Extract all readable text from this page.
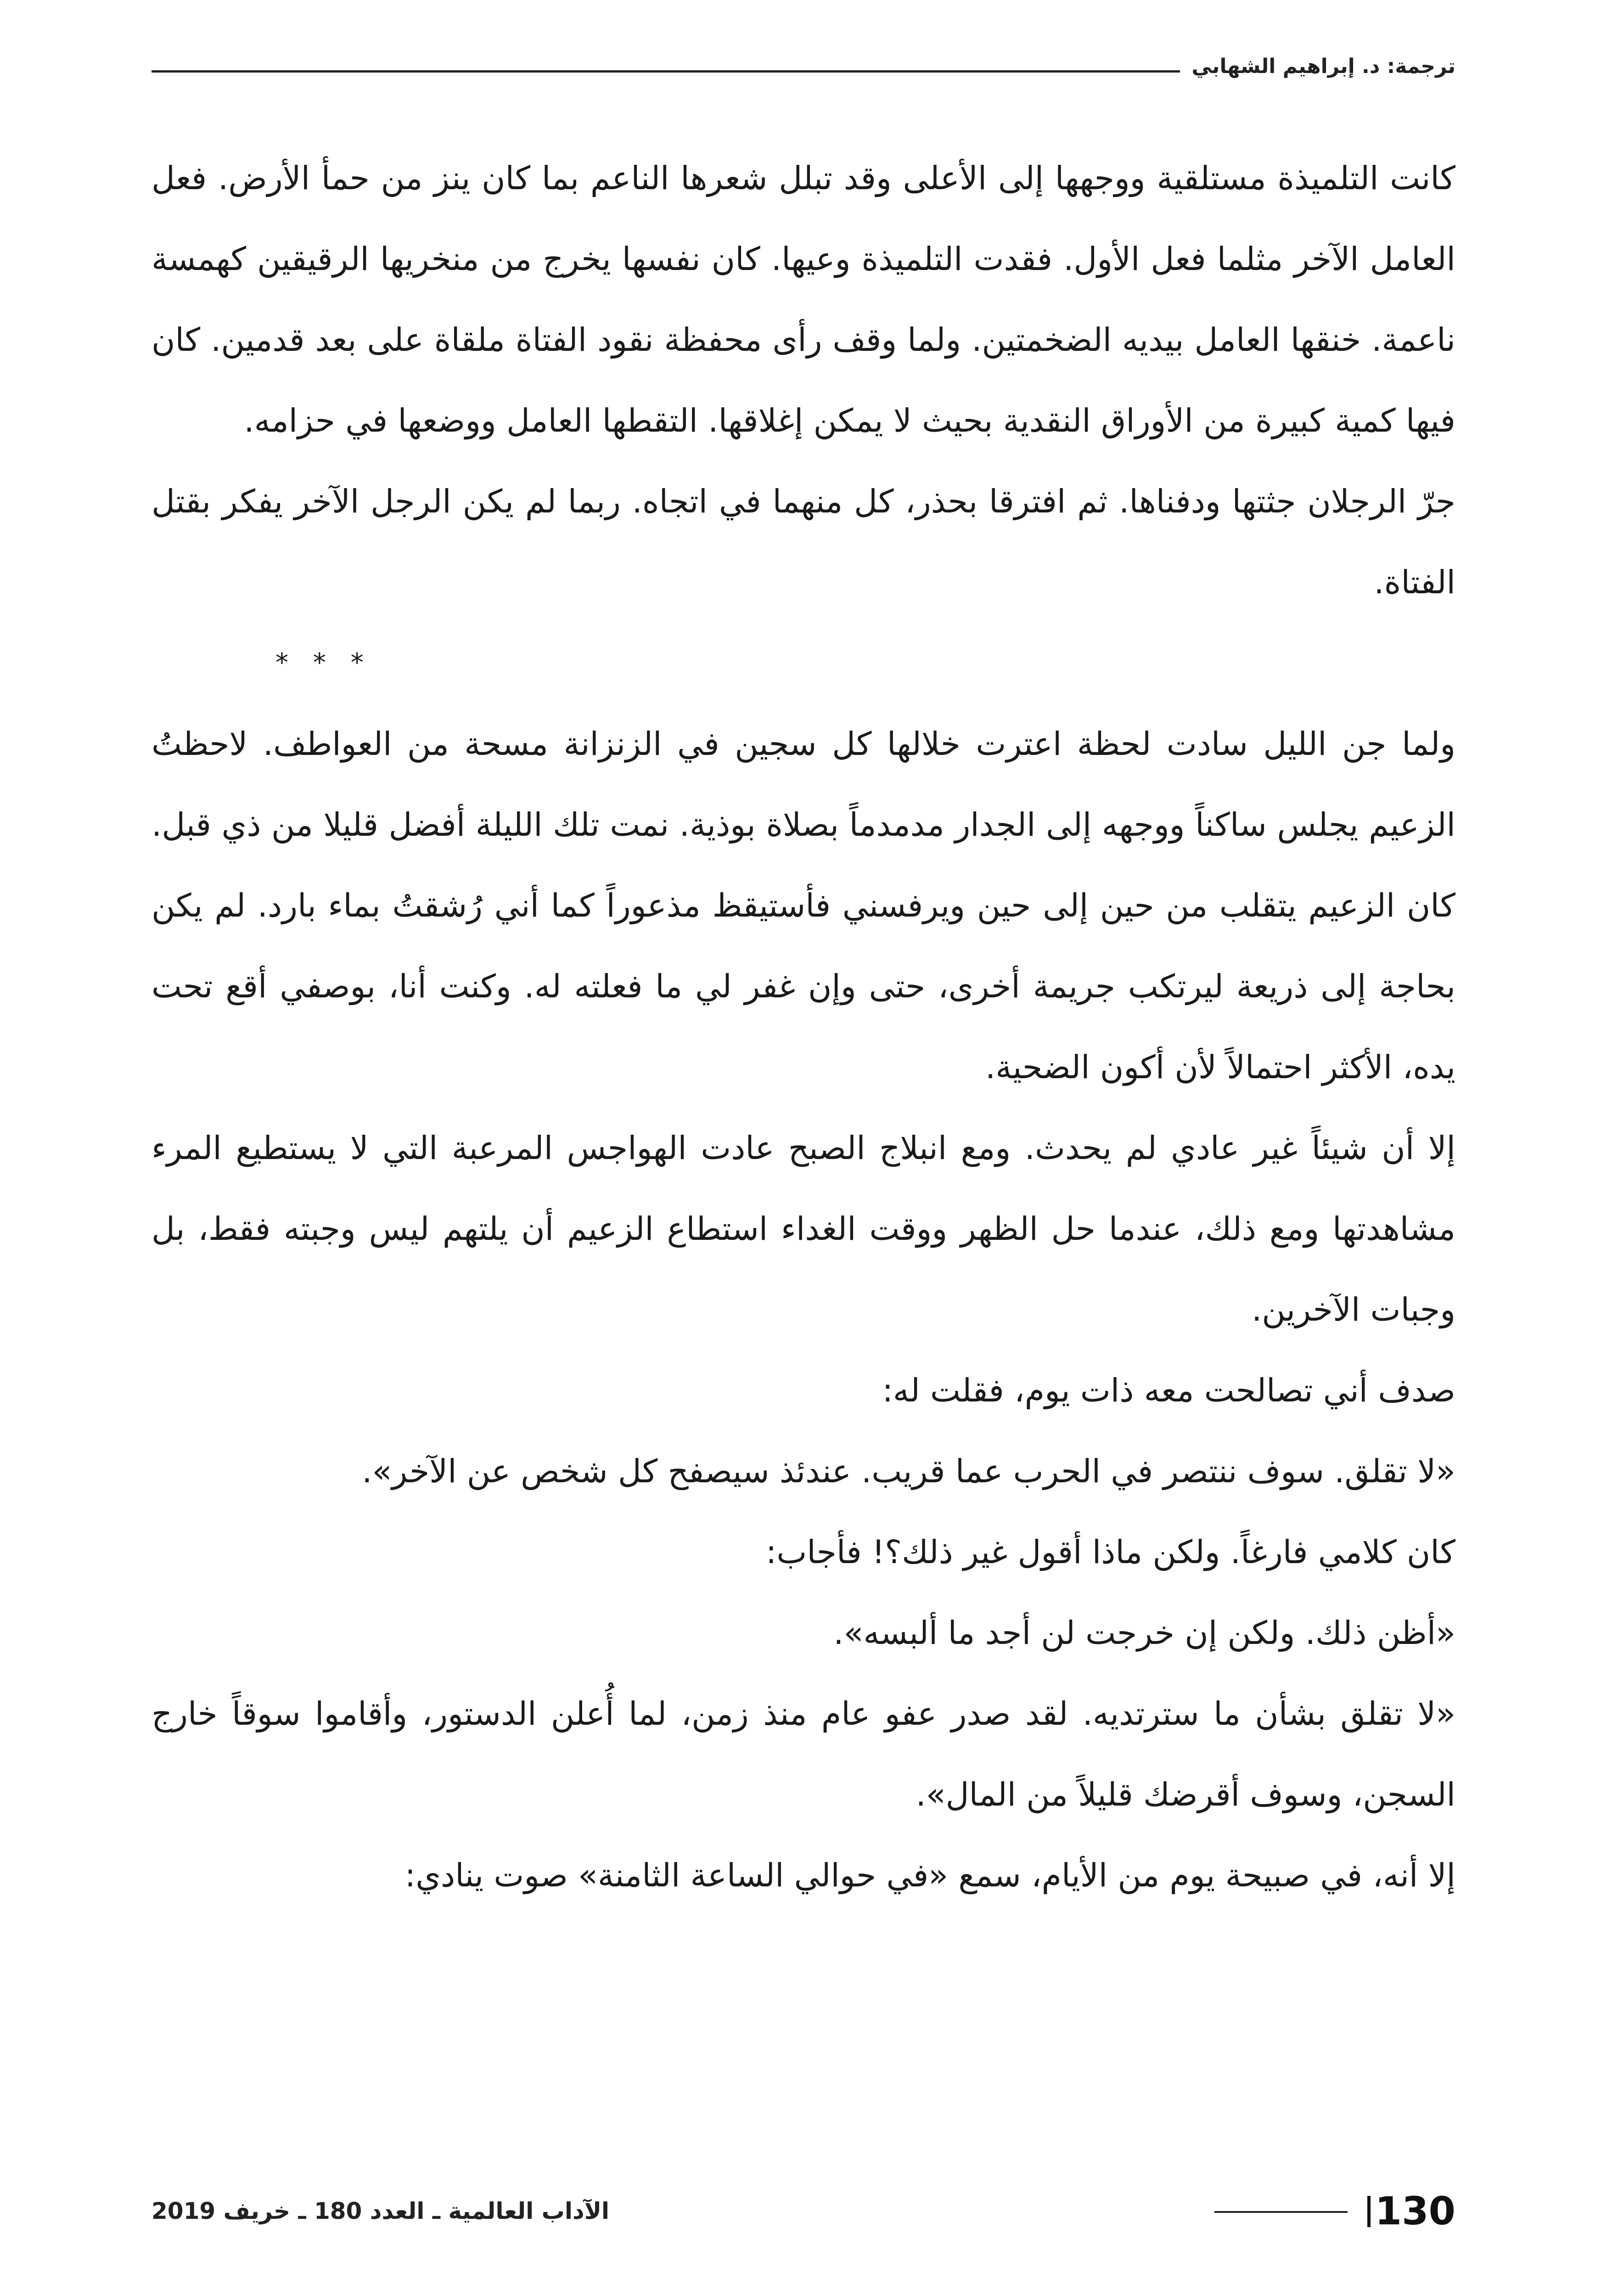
ترجمة: د. إبراهيم الشهابي

كانت التلميذة مستلقية ووجهها إلى الأعلى وقد تبلل شعرها الناعم بما كان ينز من حمأ الأرض. فعل العامل الآخر مثلما فعل الأول. فقدت التلميذة وعيها. كان نفسها يخرج من منخريها الرقيقين كهمسة ناعمة. خنقها العامل بيديه الضخمتين. ولما وقف رأى محفظة نقود الفتاة ملقاة على بعد قدمين. كان فيها كمية كبيرة من الأوراق النقدية بحيث لا يمكن إغلاقها. التقطها العامل ووضعها في حزامه.

جرّ الرجلان جثتها ودفناها. ثم افترقا بحذر، كل منهما في اتجاه. ربما لم يكن الرجل الآخر يفكر بقتل الفتاة.

* * *

ولما جن الليل سادت لحظة اعترت خلالها كل سجين في الزنزانة مسحة من العواطف. لاحظتُ الزعيم يجلس ساكناً ووجهه إلى الجدار مدمدماً بصلاة بوذية. نمت تلك الليلة أفضل قليلا من ذي قبل. كان الزعيم يتقلب من حين إلى حين ويرفسني فأستيقظ مذعوراً كما أني رُشقتُ بماء بارد. لم يكن بحاجة إلى ذريعة ليرتكب جريمة أخرى، حتى وإن غفر لي ما فعلته له. وكنت أنا، بوصفي أقع تحت يده، الأكثر احتمالاً لأن أكون الضحية.

إلا أن شيئاً غير عادي لم يحدث. ومع انبلاج الصبح عادت الهواجس المرعبة التي لا يستطيع المرء مشاهدتها ومع ذلك، عندما حل الظهر ووقت الغداء استطاع الزعيم أن يلتهم ليس وجبته فقط، بل وجبات الآخرين.

صدف أني تصالحت معه ذات يوم، فقلت له:

«لا تقلق. سوف ننتصر في الحرب عما قريب. عندئذ سيصفح كل شخص عن الآخر».

كان كلامي فارغاً. ولكن ماذا أقول غير ذلك؟! فأجاب:

«أظن ذلك. ولكن إن خرجت لن أجد ما ألبسه».

«لا تقلق بشأن ما سترتديه. لقد صدر عفو عام منذ زمن، لما أُعلن الدستور، وأقاموا سوقاً خارج السجن، وسوف أقرضك قليلاً من المال».

إلا أنه، في صبيحة يوم من الأيام، سمع «في حوالي الساعة الثامنة» صوت ينادي:

130
الآداب العالمية ـ العدد 180 ـ خريف 2019
